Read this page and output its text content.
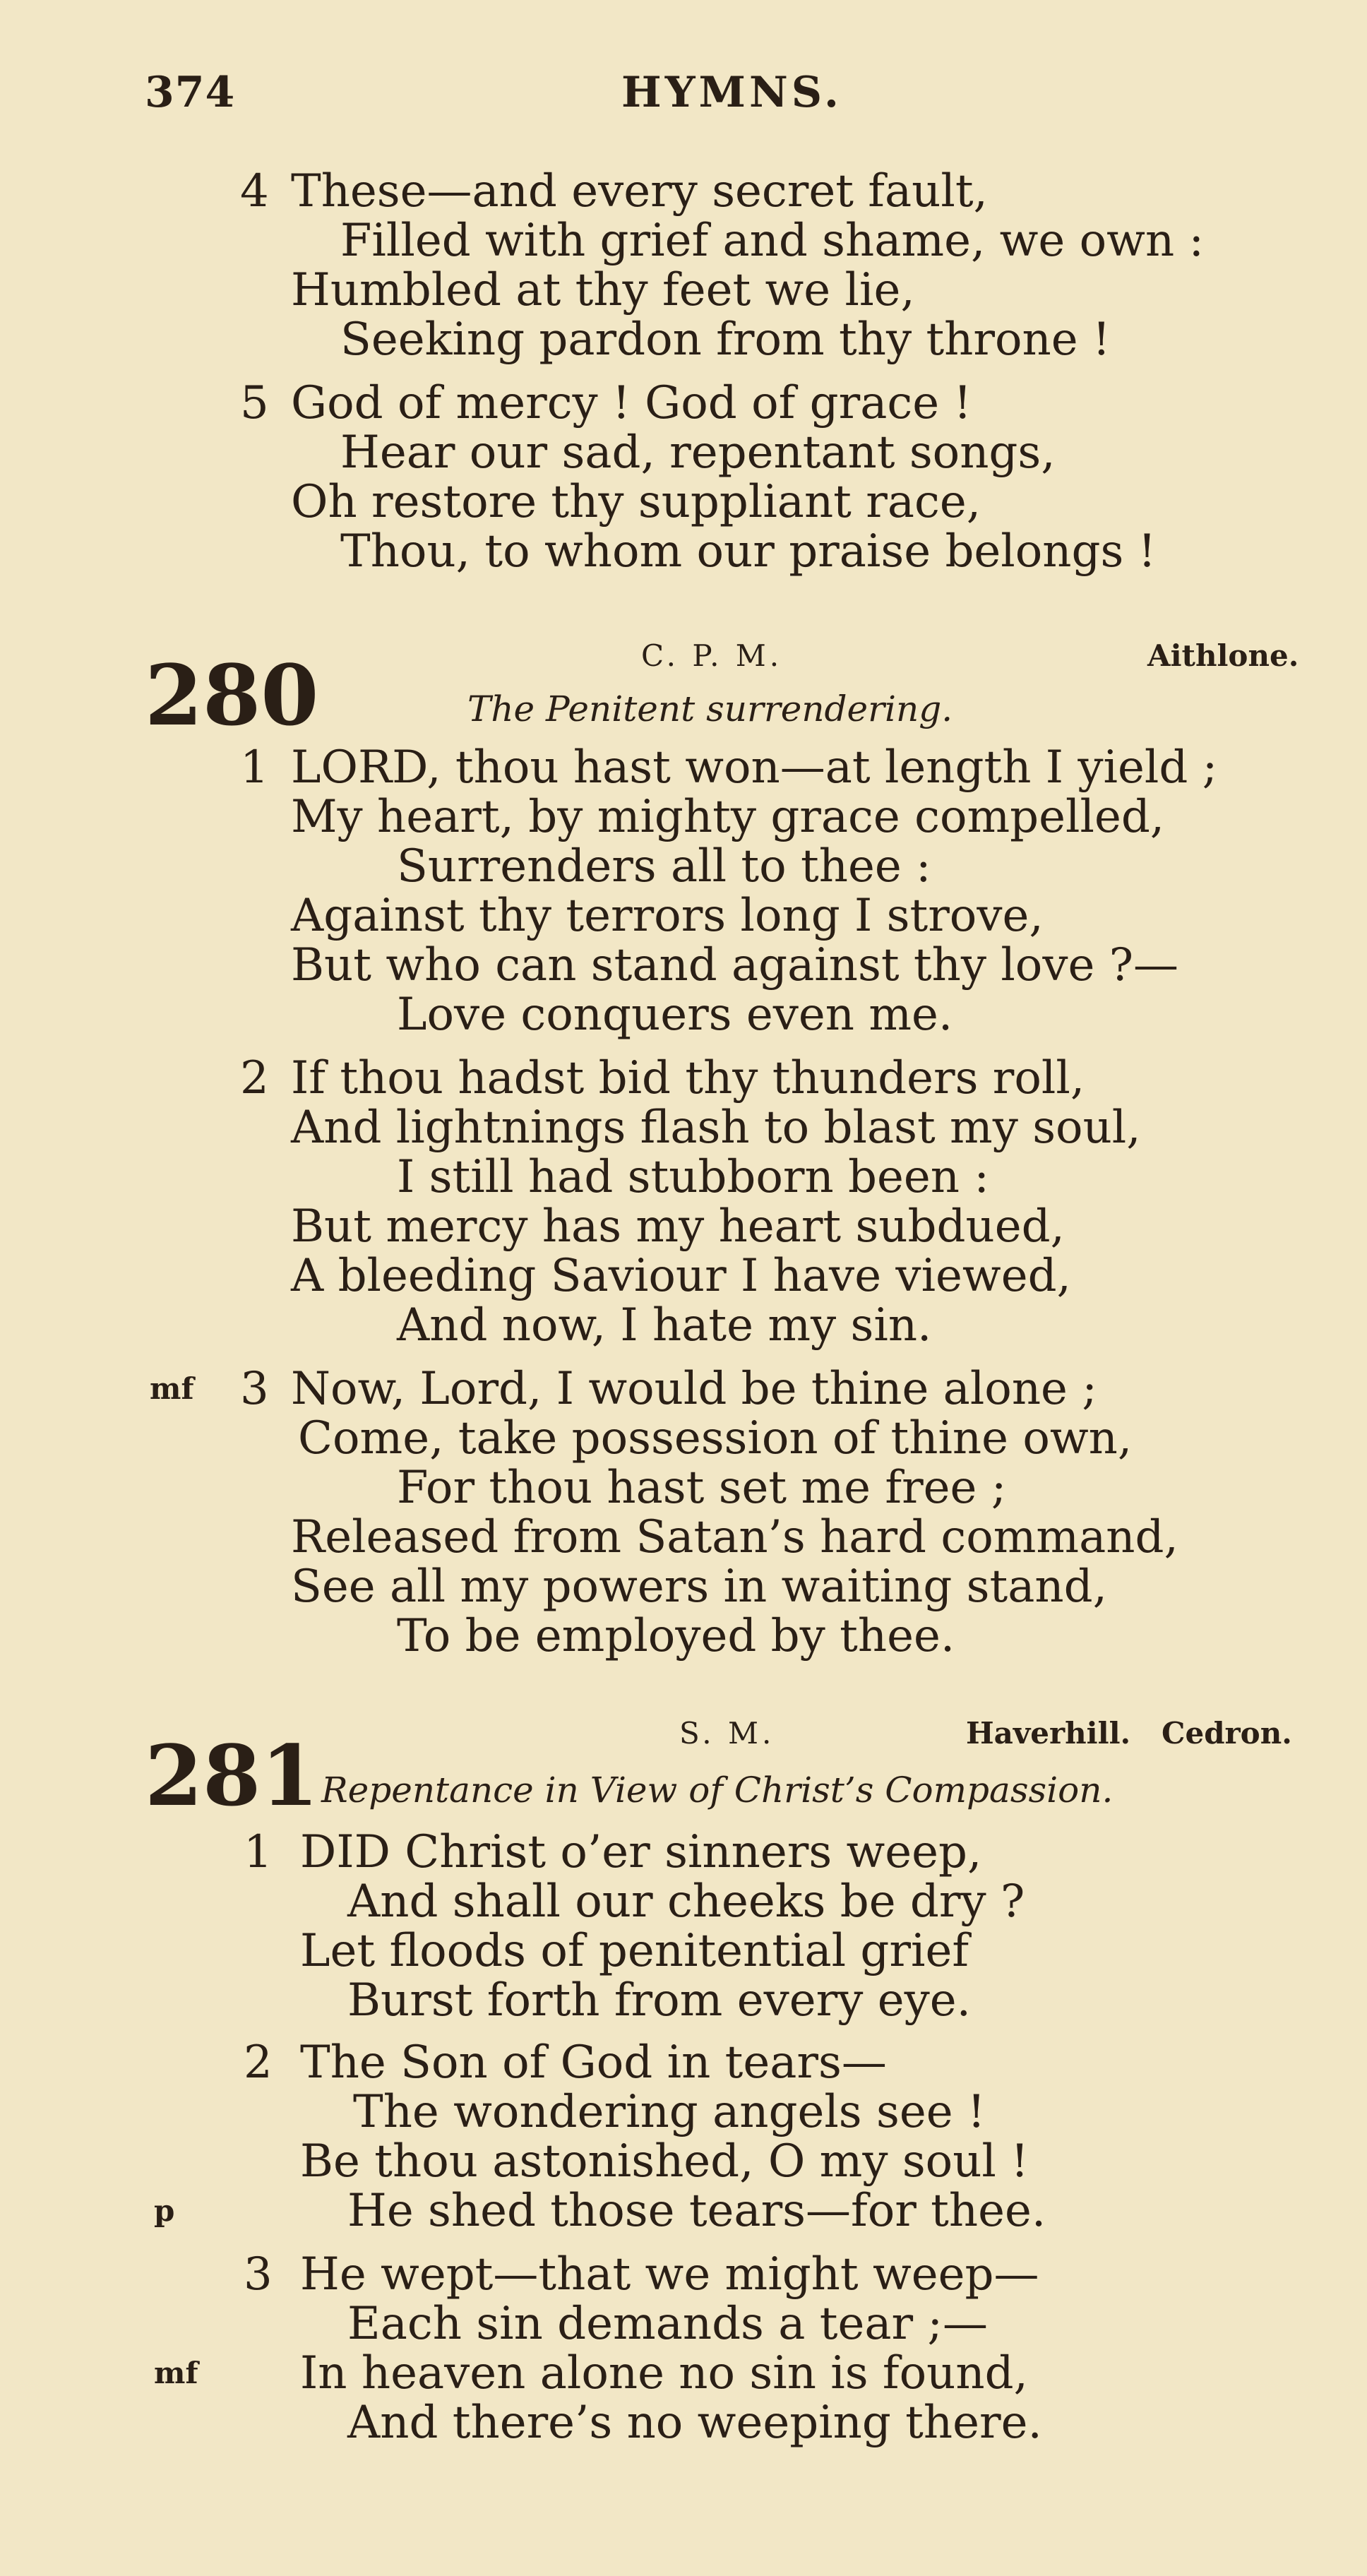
374	HYMNS.
4 These—and every secret fault,
Filled with grief and shame, we own :
Humbled at thy feet we lie,
Seeking pardon from thy throne !
5 God of mercy ! God of grace !
Hear our sad, repentant songs,
Oh restore thy suppliant race,
Thou, to whom our praise belongs !
C. P. M.	Aithlone.
280	The Penitent surrendering.
1 LORD, thou hast won—at length I yield ;
My heart, by mighty grace compelled,
Surrenders all to thee :
Against thy terrors long I strove,
But who can stand against thy love ?—
Love conquers even me.
2 If thou hadst bid thy thunders roll,
And lightnings flash to blast my soul,
I still had stubborn been :
But mercy has my heart subdued,
A bleeding Saviour I have viewed,
And now, I hate my sin.
mf 3 Now, Lord, I would be thine alone ;
Come, take possession of thine own,
For thou hast set me free ;
Released from Satan’s hard command,
See all my powers in waiting stand,
To be employed by thee.
S. M.	Haverhill.   Cedron.
281 Repentance in View of Christ’s Compassion.
1 DID Christ o’er sinners weep,
And shall our cheeks be dry ?
Let floods of penitential grief
Burst forth from every eye.
2 The Son of God in tears—
The wondering angels see !
Be thou astonished, O my soul !
p	He shed those tears—for thee.
3 He wept—that we might weep—
Each sin demands a tear ;—
mf In heaven alone no sin is found,
And there’s no weeping there.
